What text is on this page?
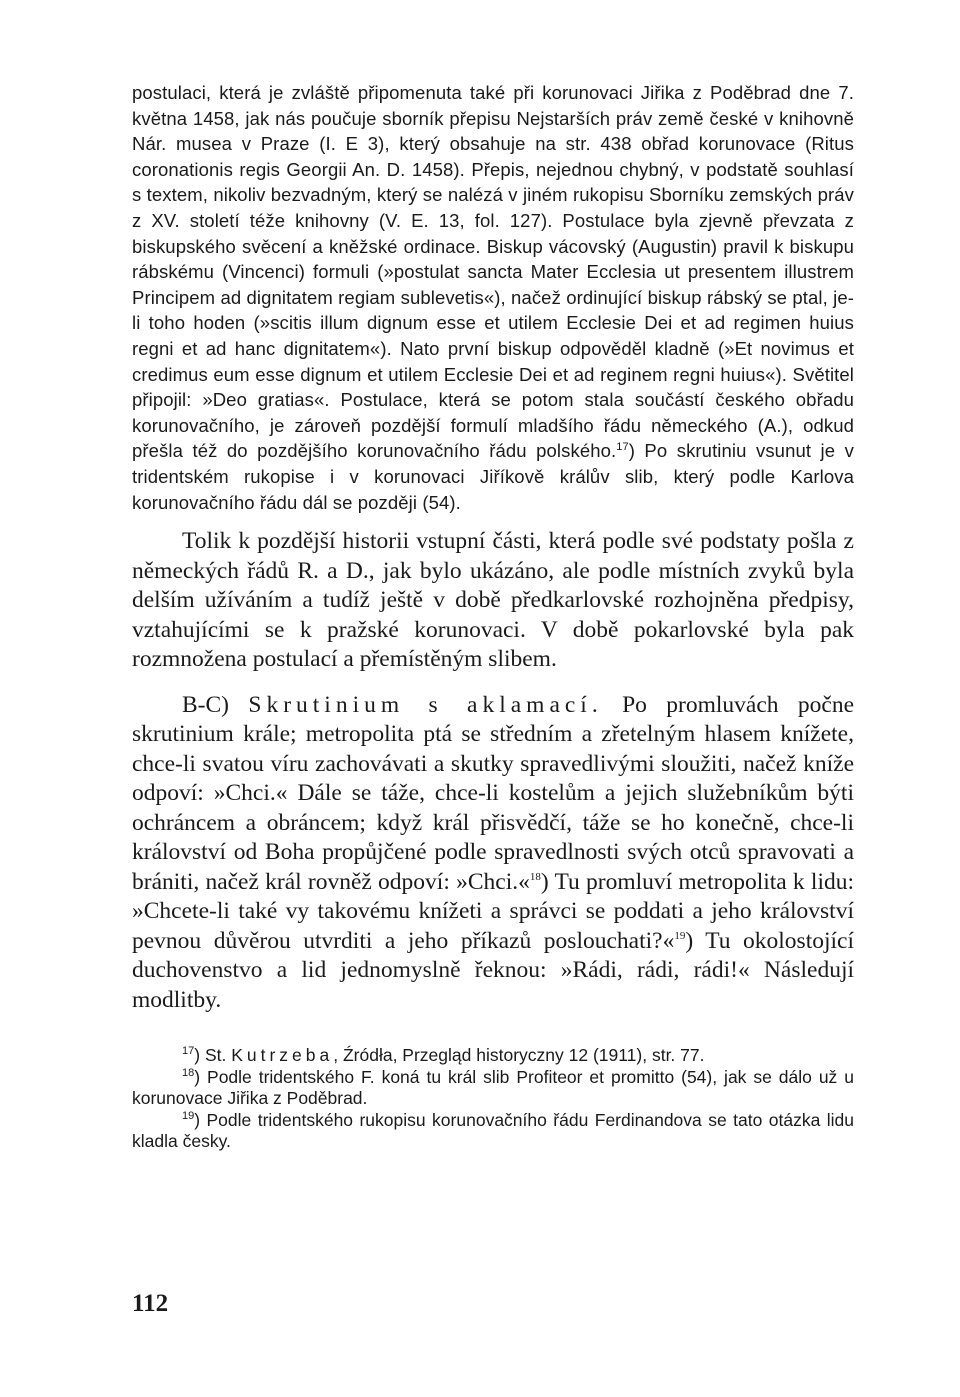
postulaci, která je zvláště připomenuta také při korunovaci Jiřika z Poděbrad dne 7. května 1458, jak nás poučuje sborník přepisu Nejstarších práv země české v knihovně Nár. musea v Praze (I. E 3), který obsahuje na str. 438 obřad korunovace (Ritus coronationis regis Georgii An. D. 1458). Přepis, nejednou chybný, v podstatě souhlasí s textem, nikoliv bezvadným, který se nalézá v jiném rukopisu Sborníku zemských práv z XV. století téže knihovny (V. E. 13, fol. 127). Postulace byla zjevně převzata z biskupského svěcení a kněžské ordinace. Biskup vácovský (Augustin) pravil k biskupu rábskému (Vincenci) formuli (»postulat sancta Mater Ecclesia ut presentem illustrem Principem ad dignitatem regiam sublevetis«), načež ordinující biskup rábský se ptal, je-li toho hoden (»scitis illum dignum esse et utilem Ecclesie Dei et ad regimen huius regni et ad hanc dignitatem«). Nato první biskup odpověděl kladně (»Et novimus et credimus eum esse dignum et utilem Ecclesie Dei et ad reginem regni huius«). Světitel připojil: »Deo gratias«. Postulace, která se potom stala součástí českého obřadu korunovačního, je zároveň pozdější formulí mladšího řádu německého (A.), odkud přešla též do pozdějšího korunovačního řádu polského.$^{17}$) Po skrutiniu vsunut je v tridentském rukopise i v korunovaci Jiříkově králův slib, který podle Karlova korunovačního řádu dál se později (54).

Tolik k pozdější historii vstupní části, která podle své podstaty pošla z německých řádů R. a D., jak bylo ukázáno, ale podle místních zvyků byla delším užíváním a tudíž ještě v době předkarlovské rozhojněna předpisy, vztahujícími se k pražské korunovaci. V době pokarlovské byla pak rozmnožena postulací a přemístěným slibem.

B-C) Skrutinium s aklamací. Po promluvách počne skrutinium krále; metropolita ptá se středním a zřetelným hlasem knížete, chce-li svatou víru zachovávati a skutky spravedlivými sloužiti, načež kníže odpoví: »Chci.« Dále se táže, chce-li kostelům a jejich služebníkům býti ochráncem a obráncem; když král přisvědčí, táže se ho konečně, chce-li království od Boha propůjčené podle spravedlnosti svých otců spravovati a brániti, načež král rovněž odpoví: »Chci.«$^{18}$) Tu promluví metropolita k lidu: »Chcete-li také vy takovému knížeti a správci se poddati a jeho království pevnou důvěrou utvrditi a jeho příkazů poslouchati?«$^{19}$) Tu okolostojící duchovenstvo a lid jednomyslně řeknou: »Rádi, rádi, rádi!« Následují modlitby.

$^{17}$) St. Kutrzeba, Źródła, Przegląd historyczny 12 (1911), str. 77.

$^{18}$) Podle tridentského F. koná tu král slib Profiteor et promitto (54), jak se dálo už u korunovace Jiřika z Poděbrad.

$^{19}$) Podle tridentského rukopisu korunovačního řádu Ferdinandova se tato otázka lidu kladla česky.

112
